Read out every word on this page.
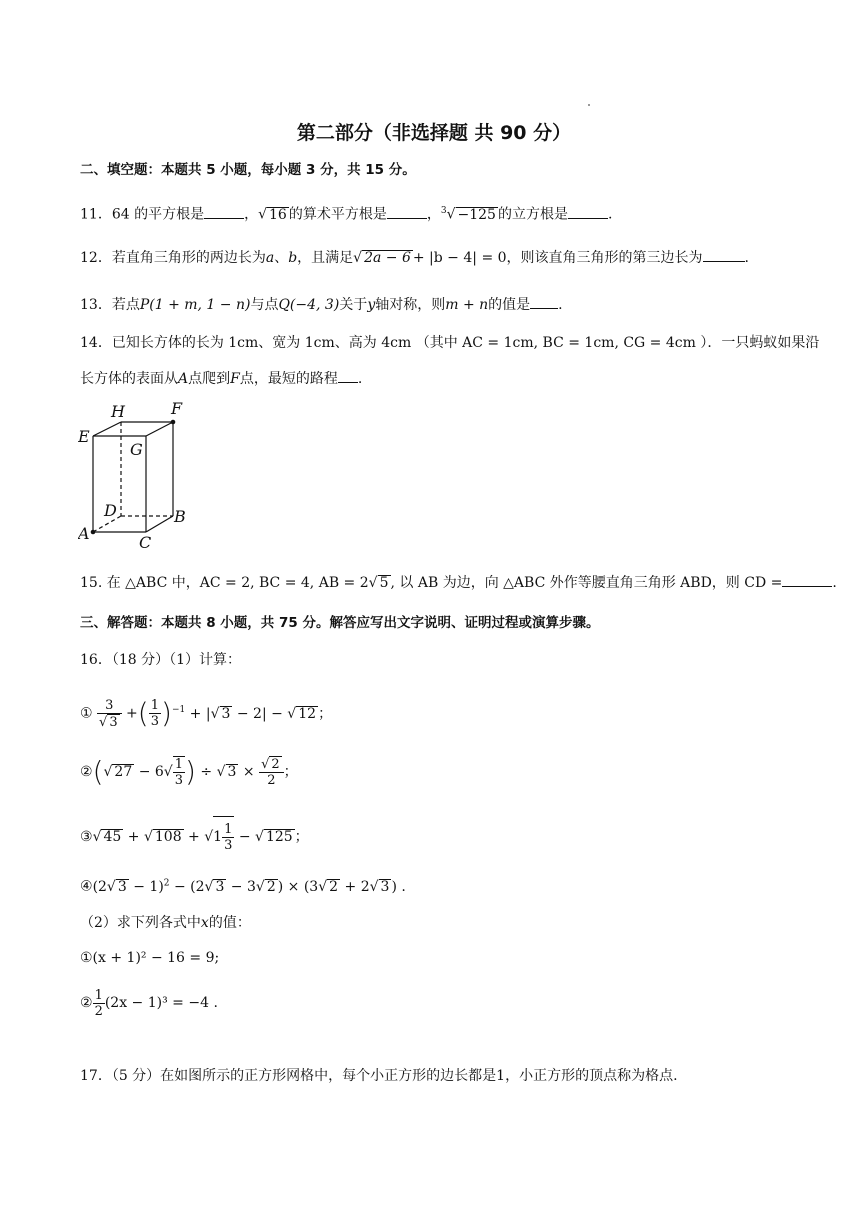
第二部分（非选择题 共 90 分）
二、填空题：本题共 5 小题，每小题 3 分，共 15 分。
11．64 的平方根是	，√ 16 的算术平方根是	，$^3$√ −125 的立方根是	.
12．若直角三角形的两边长为a、b，且满足√ 2a − 6 + |b − 4| = 0，则该直角三角形的第三边长为	.
13．若点P(1 + m, 1 − n)与点Q(−4, 3)关于y轴对称，则m + n的值是 .
14．已知长方体的长为 1cm、宽为 1cm、高为 4cm （其中 AC = 1cm, BC = 1cm, CG = 4cm ）．一只蚂蚁如果沿
长方体的表面从A点爬到F点，最短的路程 .
H	F
E
G
D	B
A	C
15. 在 △ABC 中，AC = 2, BC = 4, AB = 2√ 5 , 以 AB 为边，向 △ABC 外作等腰直角三角形 ABD，则 CD =	.
三、解答题：本题共 8 小题，共 75 分。解答应写出文字说明、证明过程或演算步骤。
16．（18 分）（1）计算：
① $\frac{3}{√ 3}$ +( $\frac{1}{3} )^{-1}$ + |√ 3 − 2| − √ 12 ；
②(√ $27 - 6√ \frac{1}{3}$ ) ÷ √ $3 \times \frac{√ 2}{2}$ ；
③√ 45 + √ $108 + √1 \frac{1}{3}$ − √ 125 ；
④(2√ 3 − 1)$^2$ − (2√ 3 − 3√ 2 ) × (3√ 2 + 2√ 3 ) .
（2）求下列各式中x的值：
①(x + 1)² − 16 = 9;
② $\frac{1}{2} (2x - 1)^3 = -4$ .
17．（5 分）在如图所示的正方形网格中，每个小正方形的边长都是1，小正方形的顶点称为格点.
